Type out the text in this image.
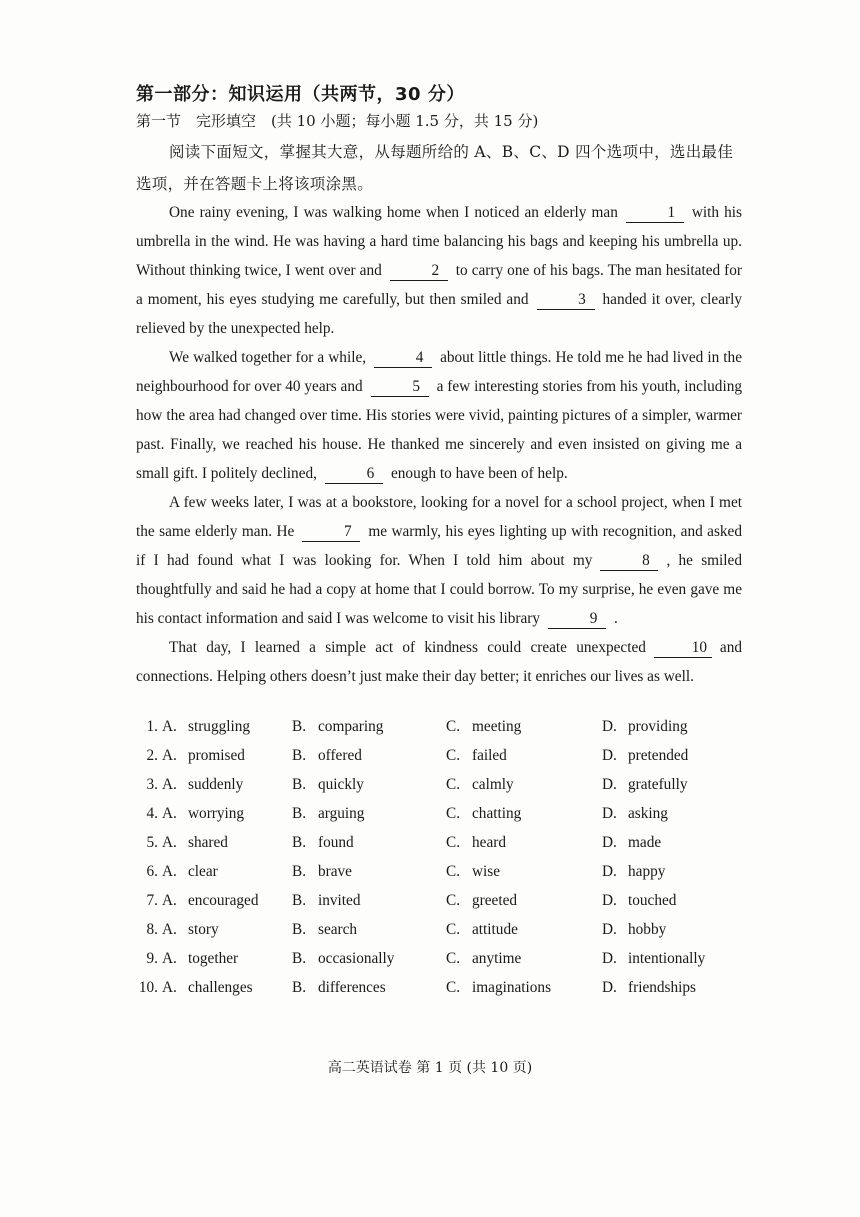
第一部分：知识运用（共两节，30 分）
第一节　完形填空　(共 10 小题；每小题 1.5 分，共 15 分)
阅读下面短文，掌握其大意，从每题所给的 A、B、C、D 四个选项中，选出最佳选项，并在答题卡上将该项涂黑。

One rainy evening, I was walking home when I noticed an elderly man	1 with his umbrella in the wind. He was having a hard time balancing his bags and keeping his umbrella up. Without thinking twice, I went over and	2 to carry one of his bags. The man hesitated for a moment, his eyes studying me carefully, but then smiled and	3 handed it over, clearly relieved by the unexpected help.

We walked together for a while,	4 about little things. He told me he had lived in the neighbourhood for over 40 years and	5 a few interesting stories from his youth, including how the area had changed over time. His stories were vivid, painting pictures of a simpler, warmer past. Finally, we reached his house. He thanked me sincerely and even insisted on giving me a small gift. I politely declined,	6 enough to have been of help.

A few weeks later, I was at a bookstore, looking for a novel for a school project, when I met the same elderly man. He	7 me warmly, his eyes lighting up with recognition, and asked if I had found what I was looking for. When I told him about my	8 , he smiled thoughtfully and said he had a copy at home that I could borrow. To my surprise, he even gave me his contact information and said I was welcome to visit his library	9 .

That day, I learned a simple act of kindness could create unexpected	10 and connections. Helping others doesn’t just make their day better; it enriches our lives as well.

1. A. struggling	B. comparing	C. meeting	D. providing
2. A. promised	B. offered	C. failed	D. pretended
3. A. suddenly	B. quickly	C. calmly	D. gratefully
4. A. worrying	B. arguing	C. chatting	D. asking
5. A. shared	B. found	C. heard	D. made
6. A. clear	B. brave	C. wise	D. happy
7. A. encouraged B. invited	C. greeted	D. touched
8. A. story	B. search	C. attitude	D. hobby
9. A. together	B. occasionally	C. anytime	D. intentionally
10. A. challenges	B. differences	C. imaginations	D. friendships
高二英语试卷 第 1 页 (共 10 页)
